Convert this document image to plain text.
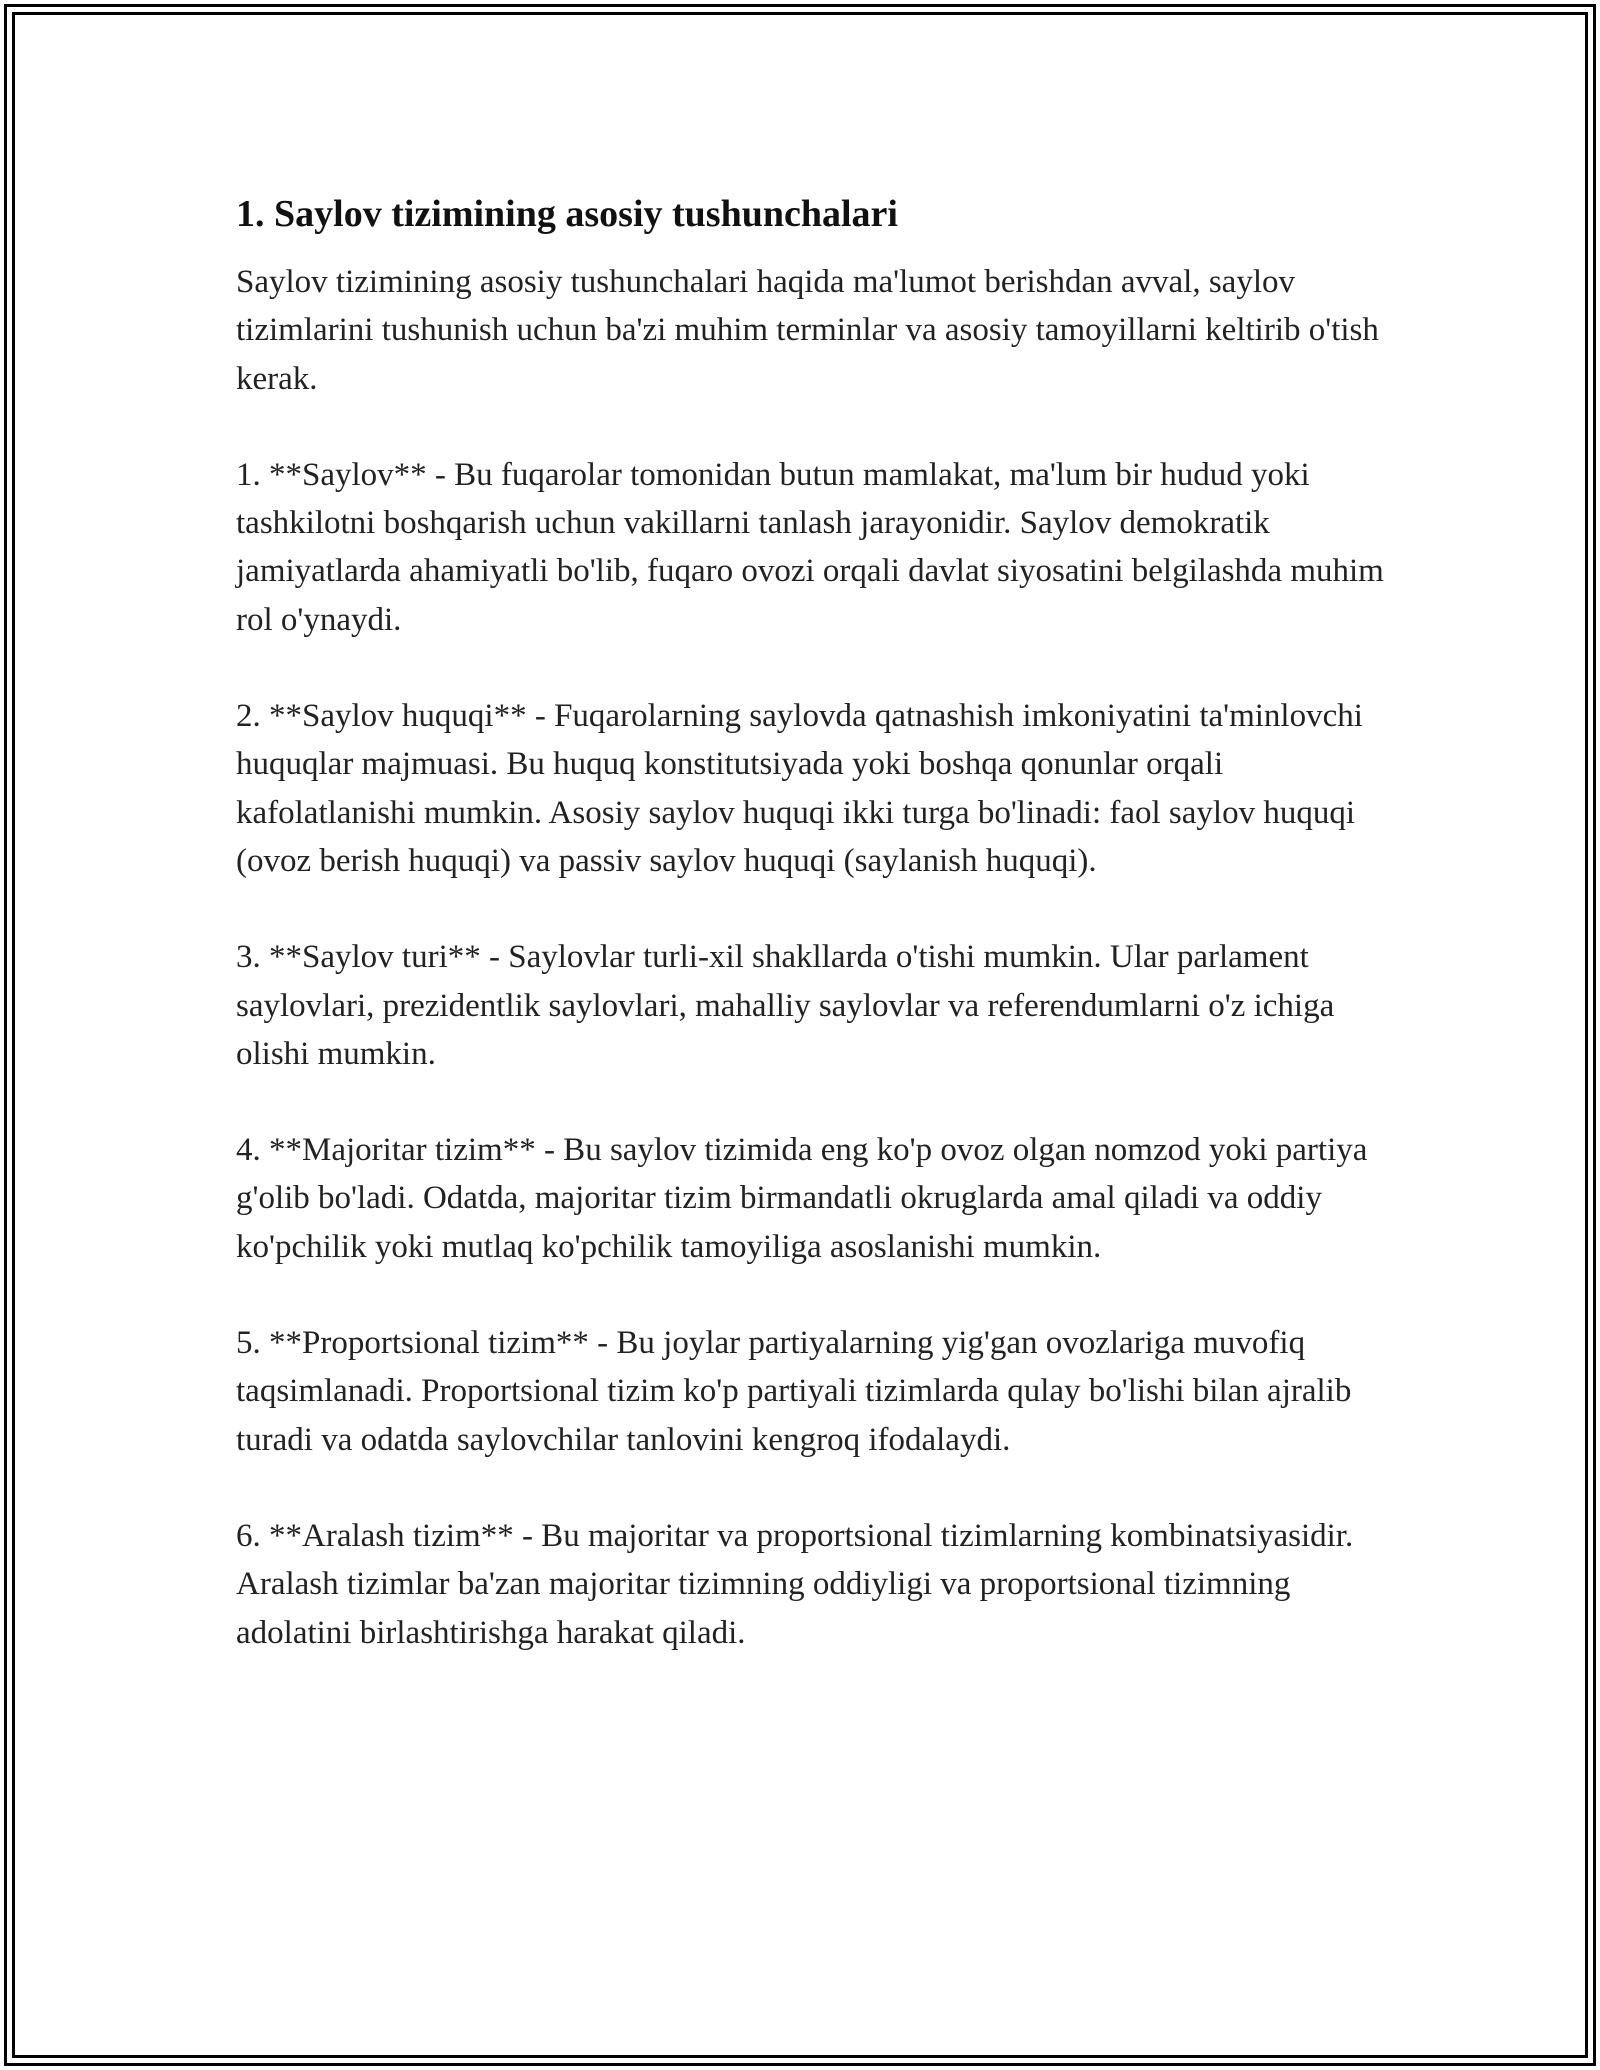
1. Saylov tizimining asosiy tushunchalari

Saylov tizimining asosiy tushunchalari haqida ma'lumot berishdan avval, saylov tizimlarini tushunish uchun ba'zi muhim terminlar va asosiy tamoyillarni keltirib o'tish kerak.

1. **Saylov** - Bu fuqarolar tomonidan butun mamlakat, ma'lum bir hudud yoki tashkilotni boshqarish uchun vakillarni tanlash jarayonidir. Saylov demokratik jamiyatlarda ahamiyatli bo'lib, fuqaro ovozi orqali davlat siyosatini belgilashda muhim rol o'ynaydi.

2. **Saylov huquqi** - Fuqarolarning saylovda qatnashish imkoniyatini ta'minlovchi huquqlar majmuasi. Bu huquq konstitutsiyada yoki boshqa qonunlar orqali kafolatlanishi mumkin. Asosiy saylov huquqi ikki turga bo'linadi: faol saylov huquqi (ovoz berish huquqi) va passiv saylov huquqi (saylanish huquqi).

3. **Saylov turi** - Saylovlar turli-xil shakllarda o'tishi mumkin. Ular parlament saylovlari, prezidentlik saylovlari, mahalliy saylovlar va referendumlarni o'z ichiga olishi mumkin.

4. **Majoritar tizim** - Bu saylov tizimida eng ko'p ovoz olgan nomzod yoki partiya g'olib bo'ladi. Odatda, majoritar tizim birmandatli okruglarda amal qiladi va oddiy ko'pchilik yoki mutlaq ko'pchilik tamoyiliga asoslanishi mumkin.

5. **Proportsional tizim** - Bu joylar partiyalarning yig'gan ovozlariga muvofiq taqsimlanadi. Proportsional tizim ko'p partiyali tizimlarda qulay bo'lishi bilan ajralib turadi va odatda saylovchilar tanlovini kengroq ifodalaydi.

6. **Aralash tizim** - Bu majoritar va proportsional tizimlarning kombinatsiyasidir. Aralash tizimlar ba'zan majoritar tizimning oddiyligi va proportsional tizimning adolatini birlashtirishga harakat qiladi.
